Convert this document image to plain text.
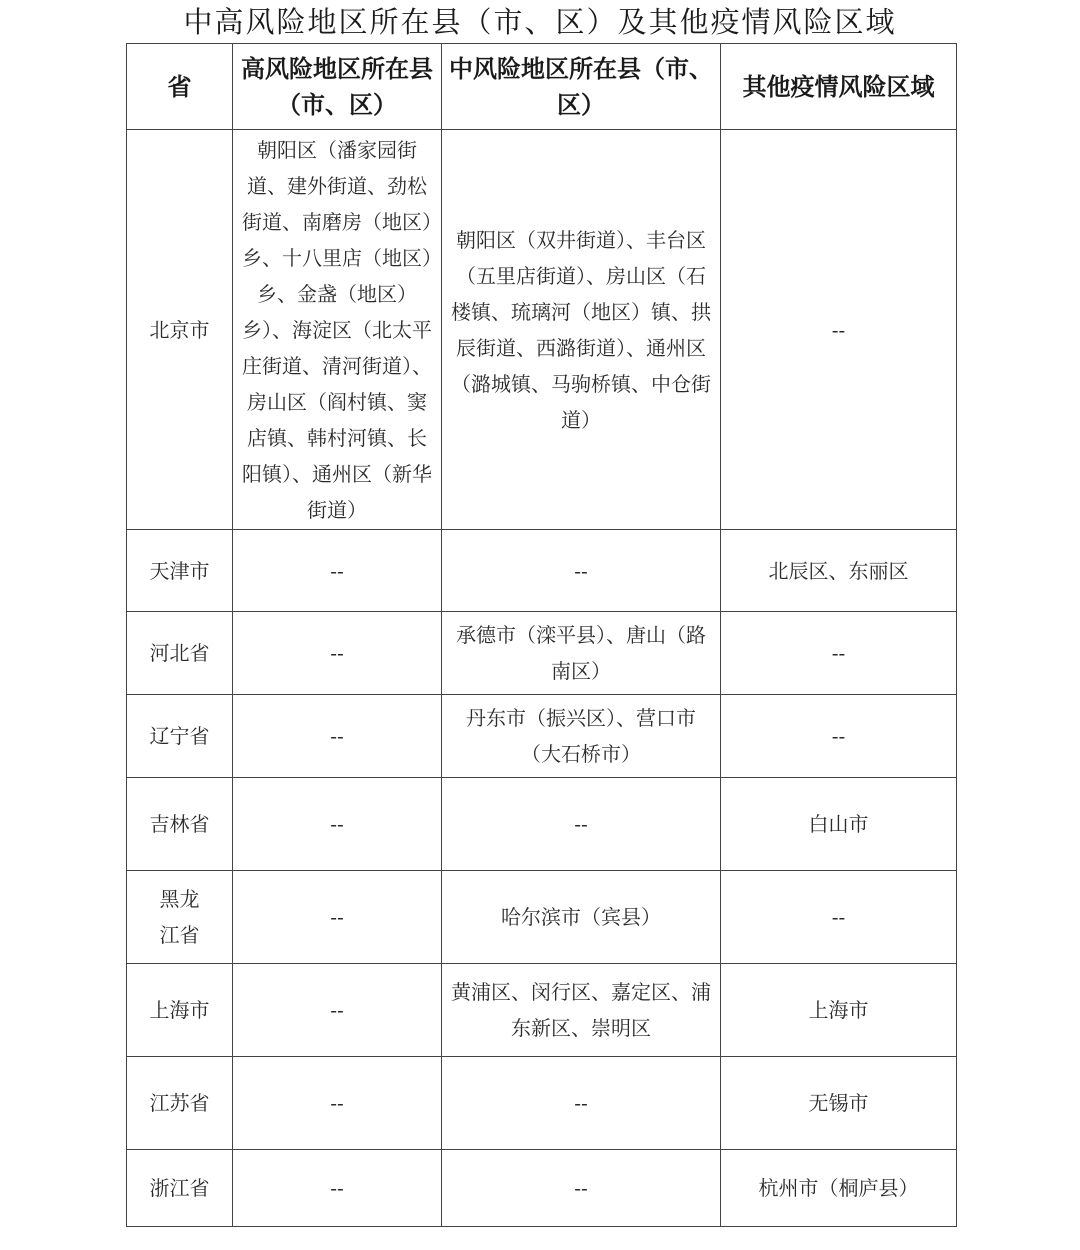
中高风险地区所在县（市、区）及其他疫情风险区域
省	高风险地区所在县（市、区）	中风险地区所在县（市、区）	其他疫情风险区域
北京市	朝阳区（潘家园街道、建外街道、劲松街道、南磨房（地区）乡、十八里店（地区）乡、金盏（地区）乡）、海淀区（北太平庄街道、清河街道）、房山区（阎村镇、窦店镇、韩村河镇、长阳镇）、通州区（新华街道）	朝阳区（双井街道）、丰台区（五里店街道）、房山区（石楼镇、琉璃河（地区）镇、拱辰街道、西潞街道）、通州区（潞城镇、马驹桥镇、中仓街道）	--
天津市	--	--	北辰区、东丽区
河北省	--	承德市（滦平县）、唐山（路南区）	--
辽宁省	--	丹东市（振兴区）、营口市（大石桥市）	--
吉林省	--	--	白山市
黑龙江省	--	哈尔滨市（宾县）	--
上海市	--	黄浦区、闵行区、嘉定区、浦东新区、崇明区	上海市
江苏省	--	--	无锡市
浙江省	--	--	杭州市（桐庐县）
